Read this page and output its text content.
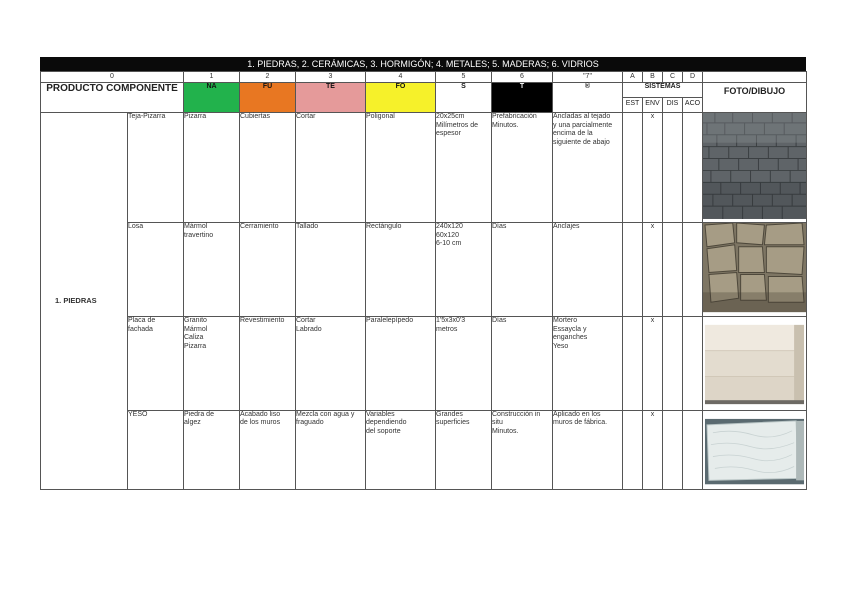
1. PIEDRAS, 2. CERÁMICAS, 3. HORMIGÓN; 4. METALES; 5. MADERAS; 6. VIDRIOS
0		1	2	3	4	5	6	"7"	A	B	C	D	
PRODUCTO COMPONENTE		NA	FU	TE	FO	S	T	®	SISTEMAS				FOTO/DIBUJO
									EST	ENV	DIS	ACO	
1. PIEDRAS	Teja-Pizarra	Pizarra	Cubiertas	Cortar	Poligonal	20x25cm
Milímetros de
espesor	Prefabricación
Minutos.	Ancladas al tejado
y una parcialmente
encima de la
siguiente de abajo		x			
	Losa	Mármol
travertino	Cerramiento	Tallado	Rectángulo	240x120
60x120
6-10 cm	Días	Anclajes		x			

	Placa de
fachada	Granito
Mármol
Caliza
Pizarra	Revestimiento	Cortar
Labrado	Paralelepípedo	1'5x3x0'3
metros	Días	Mortero
Essaycla y
enganches
Yeso		x			
	YESO	Piedra de
algez	Acabado liso
de los muros	Mezcla con agua y
fraguado	Variables
dependiendo
del soporte	Grandes
superficies	Construcción in
situ
Minutos.	Aplicado en los
muros de fábrica.		x			
